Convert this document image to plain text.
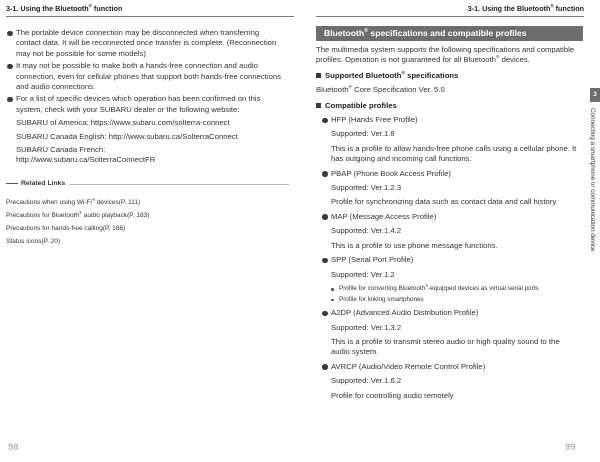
3-1. Using the Bluetooth® function
The portable device connection may be disconnected when transferring contact data. It will be reconnected once transfer is complete. (Reconnection may not be possible for some models)
It may not be possible to make both a hands-free connection and audio connection, even for cellular phones that support both hands-free connections and audio connections.
For a list of specific devices which operation has been confirmed on this system, check with your SUBARU dealer or the following website:
SUBARU of America: https://www.subaru.com/solterra-connect
SUBARU Canada English: http://www.subaru.ca/SolterraConnect
SUBARU Canada French: http://www.subaru.ca/SolterraConnectFR
Related Links
Precautions when using Wi-Fi® devices(P. 111)
Precautions for Bluetooth® audio playback(P. 183)
Precautions for hands-free calling(P. 188)
Status icons(P. 20)
98
3-1. Using the Bluetooth® function
Bluetooth® specifications and compatible profiles
The multimedia system supports the following specifications and compatible profiles. Operation is not guaranteed for all Bluetooth® devices.
Supported Bluetooth® specifications
Bluetooth® Core Specification Ver. 5.0
Compatible profiles
HFP (Hands Free Profile)
Supported: Ver.1.8
This is a profile to allow hands-free phone calls using a cellular phone. It has outgoing and incoming call functions.
PBAP (Phone Book Access Profile)
Supported: Ver.1.2.3
Profile for synchronizing data such as contact data and call history
MAP (Message Access Profile)
Supported: Ver.1.4.2
This is a profile to use phone message functions.
SPP (Serial Port Profile)
Supported: Ver.1.2
Profile for converting Bluetooth®-equipped devices as virtual serial ports
Profile for linking smartphones
A2DP (Advanced Audio Distribution Profile)
Supported: Ver.1.3.2
This is a profile to transmit stereo audio or high quality sound to the audio system.
AVRCP (Audio/Video Remote Control Profile)
Supported: Ver.1.6.2
Profile for controlling audio remotely
99
3
Connecting a smartphone or communication device
